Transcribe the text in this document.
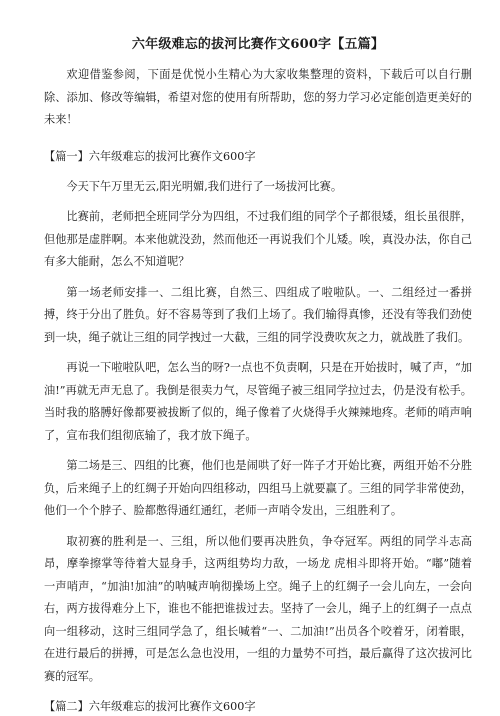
六年级难忘的拔河比赛作文600字【五篇】

欢迎借鉴参阅，下面是优悦小生精心为大家收集整理的资料，下载后可以自行删除、添加、修改等编辑，希望对您的使用有所帮助，您的努力学习必定能创造更美好的未来！

【篇一】六年级难忘的拔河比赛作文600字

今天下午万里无云,阳光明媚,我们进行了一场拔河比赛。

比赛前，老师把全班同学分为四组，不过我们组的同学个子都很矮，组长虽很胖，但他那是虚胖啊。本来他就没劲，然而他还一再说我们个儿矮。唉，真没办法，你自己有多大能耐，怎么不知道呢？

第一场老师安排一、二组比赛，自然三、四组成了啦啦队。一、二组经过一番拼搏，终于分出了胜负。好不容易等到了我们上场了。我们输得真惨，还没有等我们劲使到一块，绳子就让三组的同学拽过一大截，三组的同学没费吹灰之力，就战胜了我们。

再说一下啦啦队吧，怎么当的呀?一点也不负责啊，只是在开始拔时，喊了声，“加油!”再就无声无息了。我倒是很卖力气，尽管绳子被三组同学拉过去，仍是没有松手。当时我的胳膊好像都要被拔断了似的，绳子像着了火烧得手火辣辣地疼。老师的哨声响了，宣布我们组彻底输了，我才放下绳子。

第二场是三、四组的比赛，他们也是闹哄了好一阵子才开始比赛，两组开始不分胜负，后来绳子上的红绸子开始向四组移动，四组马上就要赢了。三组的同学非常使劲，他们一个个脖子、脸都憋得通红通红，老师一声哨令发出，三组胜利了。

取初赛的胜利是一、三组，所以他们要再决胜负，争夺冠军。两组的同学斗志高昂，摩拳擦掌等待着大显身手，这两组势均力敌，一场龙 虎相斗即将开始。“嘟”随着一声哨声，“加油!加油”的呐喊声响彻操场上空。绳子上的红绸子一会儿向左，一会向右，两方拔得难分上下，谁也不能把谁拔过去。坚持了一会儿，绳子上的红绸子一点点向一组移动，这时三组同学急了，组长喊着“一、二加油!”出员各个咬着牙，闭着眼，在进行最后的拼搏，可是怎么急也没用，一组的力量势不可挡，最后赢得了这次拔河比赛的冠军。

【篇二】六年级难忘的拔河比赛作文600字
